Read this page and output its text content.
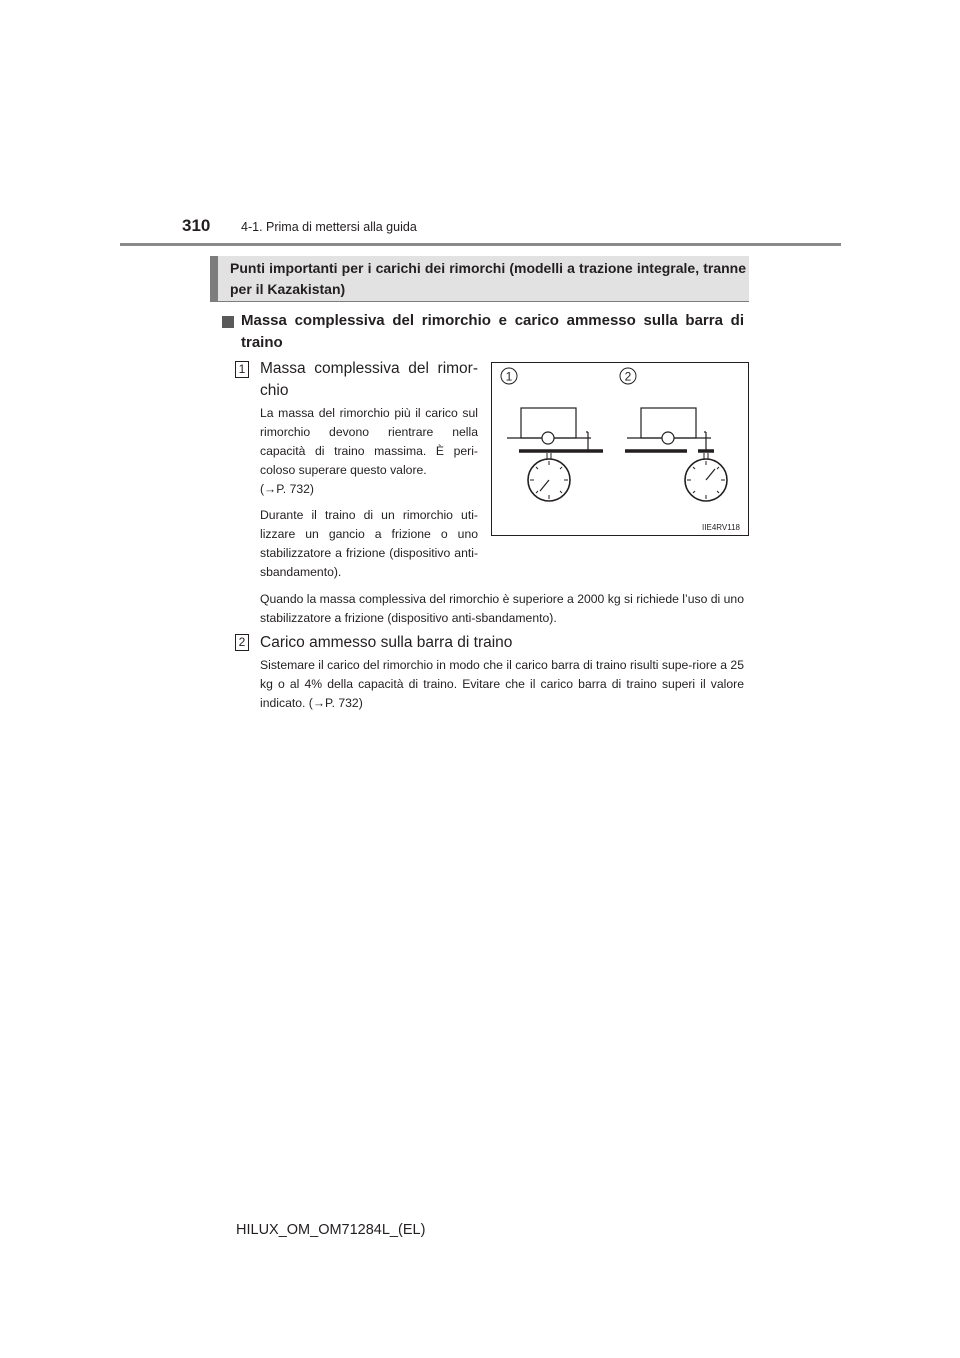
310 4-1. Prima di mettersi alla guida
Punti importanti per i carichi dei rimorchi (modelli a trazione integrale, tranne per il Kazakistan)
Massa complessiva del rimorchio e carico ammesso sulla barra di traino
1 Massa complessiva del rimor-chio
La massa del rimorchio più il carico sul rimorchio devono rientrare nella capacità di traino massima. È peri-coloso superare questo valore.
(→P. 732)
Durante il traino di un rimorchio uti-lizzare un gancio a frizione o uno stabilizzatore a frizione (dispositivo anti-sbandamento).
Quando la massa complessiva del rimorchio è superiore a 2000 kg si richiede l’uso di uno stabilizzatore a frizione (dispositivo anti-sbandamento).
2 Carico ammesso sulla barra di traino
Sistemare il carico del rimorchio in modo che il carico barra di traino risulti supe-riore a 25 kg o al 4% della capacità di traino. Evitare che il carico barra di traino superi il valore indicato. (→P. 732)
1	2
IIE4RV118
HILUX_OM_OM71284L_(EL)
